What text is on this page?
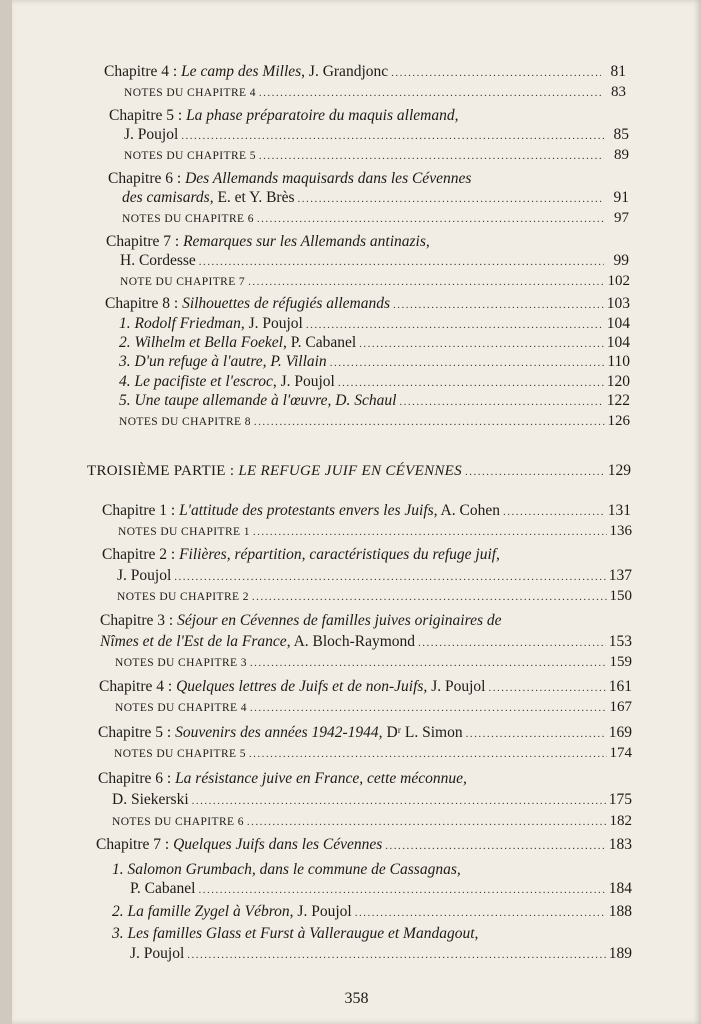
Chapitre 4 : Le camp des Milles, J. Grandjonc .....	81
NOTES DU CHAPITRE 4 .....	83
Chapitre 5 : La phase préparatoire du maquis allemand,
J. Poujol .....	85
NOTES DU CHAPITRE 5 .....	89
Chapitre 6 : Des Allemands maquisards dans les Cévennes
des camisards, E. et Y. Brès .....	91
NOTES DU CHAPITRE 6 .....	97
Chapitre 7 : Remarques sur les Allemands antinazis,
H. Cordesse .....	99
NOTE DU CHAPITRE 7 .....	102
Chapitre 8 : Silhouettes de réfugiés allemands .....	103
1. Rodolf Friedman, J. Poujol .....	104
2. Wilhelm et Bella Foekel, P. Cabanel .....	104
3. D'un refuge à l'autre, P. Villain .....	110
4. Le pacifiste et l'escroc, J. Poujol .....	120
5. Une taupe allemande à l'œuvre, D. Schaul .....	122
NOTES DU CHAPITRE 8 .....	126
TROISIÈME PARTIE : LE REFUGE JUIF EN CÉVENNES .....	129
Chapitre 1 : L'attitude des protestants envers les Juifs, A. Cohen .....	131
NOTES DU CHAPITRE 1 .....	136
Chapitre 2 : Filières, répartition, caractéristiques du refuge juif,
J. Poujol .....	137
NOTES DU CHAPITRE 2 .....	150
Chapitre 3 : Séjour en Cévennes de familles juives originaires de
Nîmes et de l'Est de la France, A. Bloch-Raymond .....	153
NOTES DU CHAPITRE 3 .....	159
Chapitre 4 : Quelques lettres de Juifs et de non-Juifs, J. Poujol .....	161
NOTES DU CHAPITRE 4 .....	167
Chapitre 5 : Souvenirs des années 1942-1944, Dʳ L. Simon .....	169
NOTES DU CHAPITRE 5 .....	174
Chapitre 6 : La résistance juive en France, cette méconnue,
D. Siekerski .....	175
NOTES DU CHAPITRE 6 .....	182
Chapitre 7 : Quelques Juifs dans les Cévennes .....	183
1. Salomon Grumbach, dans le commune de Cassagnas,
P. Cabanel .....	184
2. La famille Zygel à Vébron, J. Poujol .....	188
3. Les familles Glass et Furst à Valleraugue et Mandagout,
J. Poujol .....	189
358
